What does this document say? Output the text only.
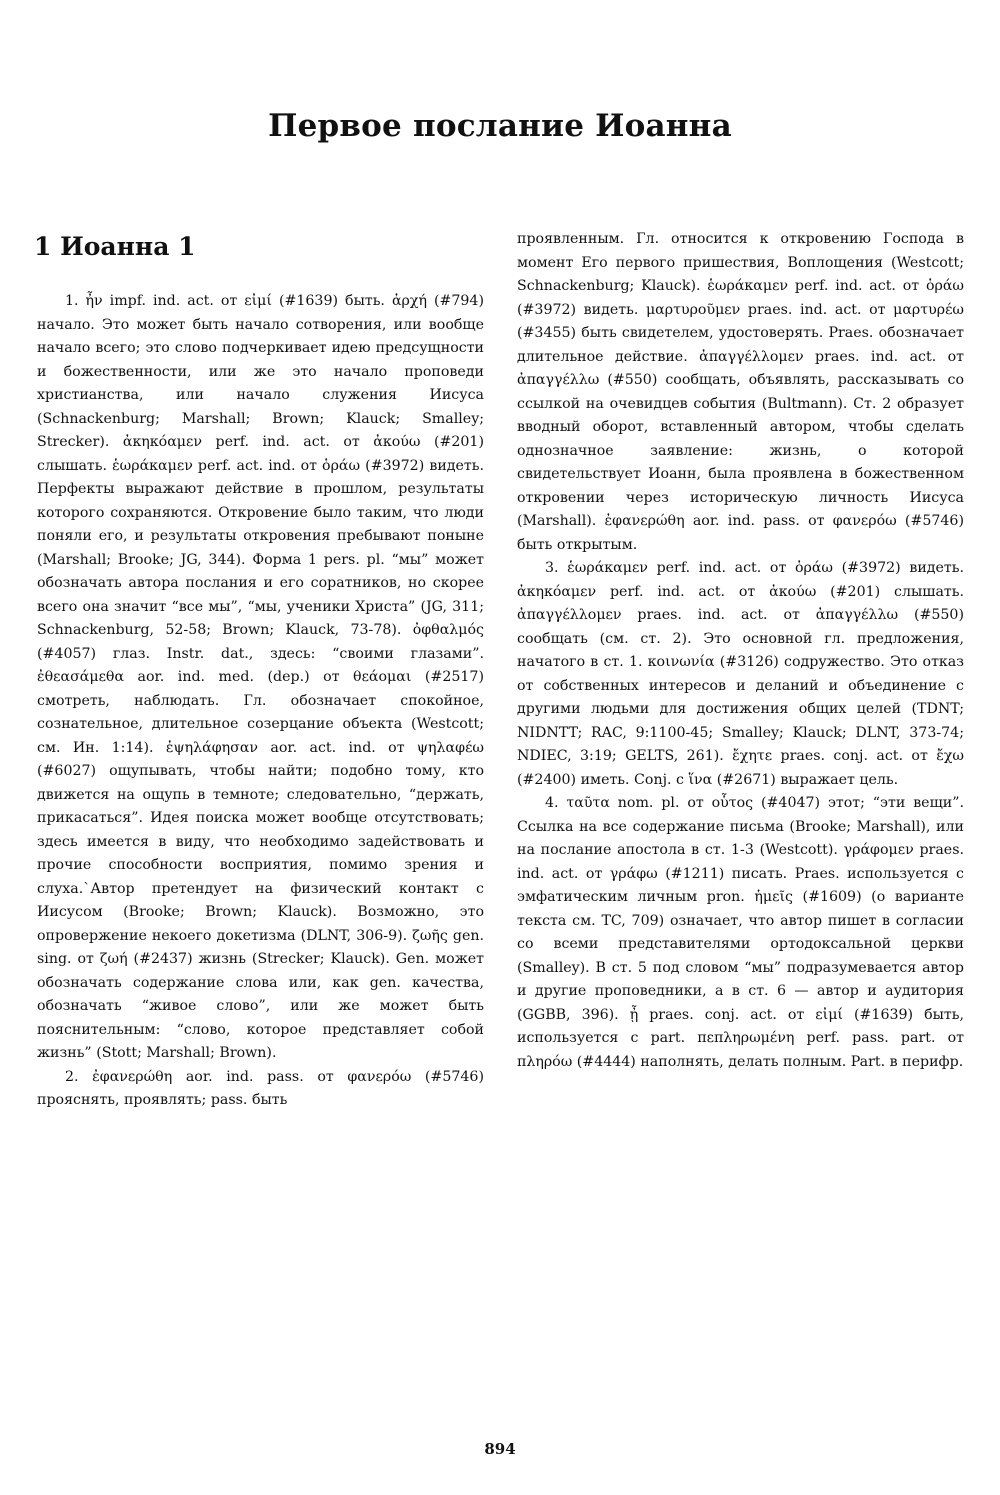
Первое послание Иоанна
1 Иоанна 1

1. ἦν impf. ind. act. от εἰμί (#1639) быть. ἀρχή (#794) начало. Это может быть начало сотворения, или вообще начало всего; это слово подчеркивает идею предсущности и божественности, или же это начало проповеди христианства, или начало служения Иисуса (Schnackenburg; Marshall; Brown; Klauck; Smalley; Strecker). ἀκηκόαμεν perf. ind. act. от ἀκούω (#201) слышать. ἑωράκαμεν perf. act. ind. от ὁράω (#3972) видеть. Перфекты выражают действие в прошлом, результаты которого сохраняются. Откровение было таким, что люди поняли его, и результаты откровения пребывают поныне (Marshall; Brooke; JG, 344). Форма 1 pers. pl. “мы” может обозначать автора послания и его соратников, но скорее всего она значит “все мы”, “мы, ученики Христа” (JG, 311; Schnackenburg, 52-58; Brown; Klauck, 73-78). ὀφθαλμός (#4057) глаз. Instr. dat., здесь: “своими глазами”. ἐθεασάμεθα aor. ind. med. (dep.) от θεάομαι (#2517) смотреть, наблюдать. Гл. обозначает спокойное, сознательное, длительное созерцание объекта (Westcott; см. Ин. 1:14). ἐψηλάφησαν aor. act. ind. от ψηλαφέω (#6027) ощупывать, чтобы найти; подобно тому, кто движется на ощупь в темноте; следовательно, “держать, прикасаться”. Идея поиска может вообще отсутствовать; здесь имеется в виду, что необходимо задействовать и прочие способности восприятия, помимо зрения и слуха.`Автор претендует на физический контакт с Иисусом (Brooke; Brown; Klauck). Возможно, это опровержение некоего докетизма (DLNT, 306-9). ζωῆς gen. sing. от ζωή (#2437) жизнь (Strecker; Klauck). Gen. может обозначать содержание слова или, как gen. качества, обозначать “живое слово”, или же может быть пояснительным: “слово, которое представляет собой жизнь” (Stott; Marshall; Brown).

2. ἐφανερώθη aor. ind. pass. от φανερόω (#5746) прояснять, проявлять; pass. быть

проявленным. Гл. относится к откровению Господа в момент Его первого пришествия, Воплощения (Westcott; Schnackenburg; Klauck). ἑωράκαμεν perf. ind. act. от ὁράω (#3972) видеть. μαρτυροῦμεν praes. ind. act. от μαρτυρέω (#3455) быть свидетелем, удостоверять. Praes. обозначает длительное действие. ἀπαγγέλλομεν praes. ind. act. от ἀπαγγέλλω (#550) сообщать, объявлять, рассказывать со ссылкой на очевидцев события (Bultmann). Ст. 2 образует вводный оборот, вставленный автором, чтобы сделать однозначное заявление: жизнь, о которой свидетельствует Иоанн, была проявлена в божественном откровении через историческую личность Иисуса (Marshall). ἐφανερώθη aor. ind. pass. от φανερόω (#5746) быть открытым.

3. ἑωράκαμεν perf. ind. act. от ὁράω (#3972) видеть. ἀκηκόαμεν perf. ind. act. от ἀκούω (#201) слышать. ἀπαγγέλλομεν praes. ind. act. от ἀπαγγέλλω (#550) сообщать (см. ст. 2). Это основной гл. предложения, начатого в ст. 1. κοινωνία (#3126) содружество. Это отказ от собственных интересов и деланий и объединение с другими людьми для достижения общих целей (TDNT; NIDNTT; RAC, 9:1100-45; Smalley; Klauck; DLNT, 373-74; NDIEC, 3:19; GELTS, 261). ἔχητε praes. conj. act. от ἔχω (#2400) иметь. Conj. с ἵνα (#2671) выражает цель.

4. ταῦτα nom. pl. от οὗτος (#4047) этот; “эти вещи”. Ссылка на все содержание письма (Brooke; Marshall), или на послание апостола в ст. 1-3 (Westcott). γράφομεν praes. ind. act. от γράφω (#1211) писать. Praes. используется с эмфатическим личным pron. ἡμεῖς (#1609) (о варианте текста см. TC, 709) означает, что автор пишет в согласии со всеми представителями ортодоксальной церкви (Smalley). В ст. 5 под словом “мы” подразумевается автор и другие проповедники, а в ст. 6 — автор и аудитория (GGBB, 396). ᾖ praes. conj. act. от εἰμί (#1639) быть, используется с part. πεπληρωμένη perf. pass. part. от πληρόω (#4444) наполнять, делать полным. Part. в перифр.

894
